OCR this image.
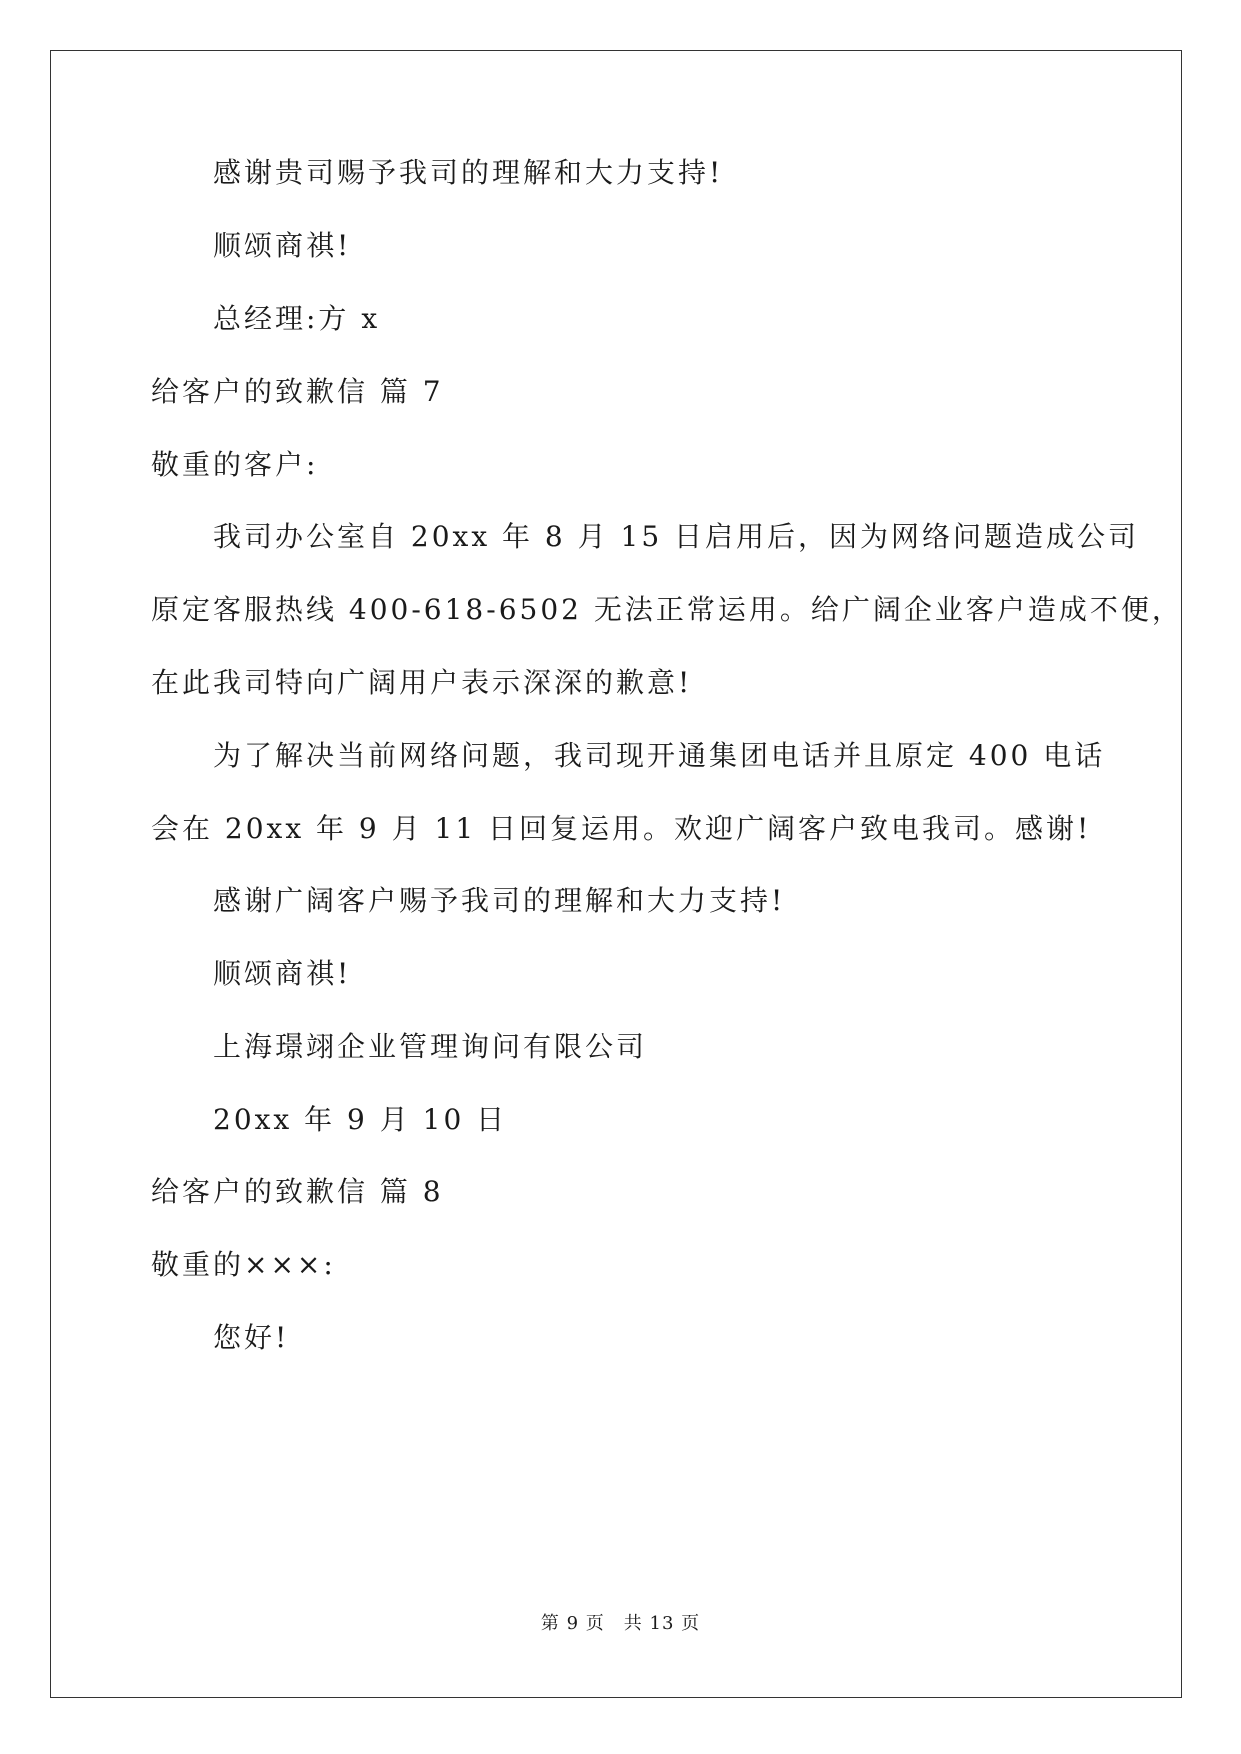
感谢贵司赐予我司的理解和大力支持!
顺颂商祺!
总经理:方 x
给客户的致歉信 篇 7
敬重的客户:
我司办公室自 20xx 年 8 月 15 日启用后，因为网络问题造成公司
原定客服热线 400-618-6502 无法正常运用。给广阔企业客户造成不便，
在此我司特向广阔用户表示深深的歉意!
为了解决当前网络问题，我司现开通集团电话并且原定 400 电话
会在 20xx 年 9 月 11 日回复运用。欢迎广阔客户致电我司。感谢!
感谢广阔客户赐予我司的理解和大力支持!
顺颂商祺!
上海璟翊企业管理询问有限公司
20xx 年 9 月 10 日
给客户的致歉信 篇 8
敬重的×××:
您好!
第 9 页　共 13 页
